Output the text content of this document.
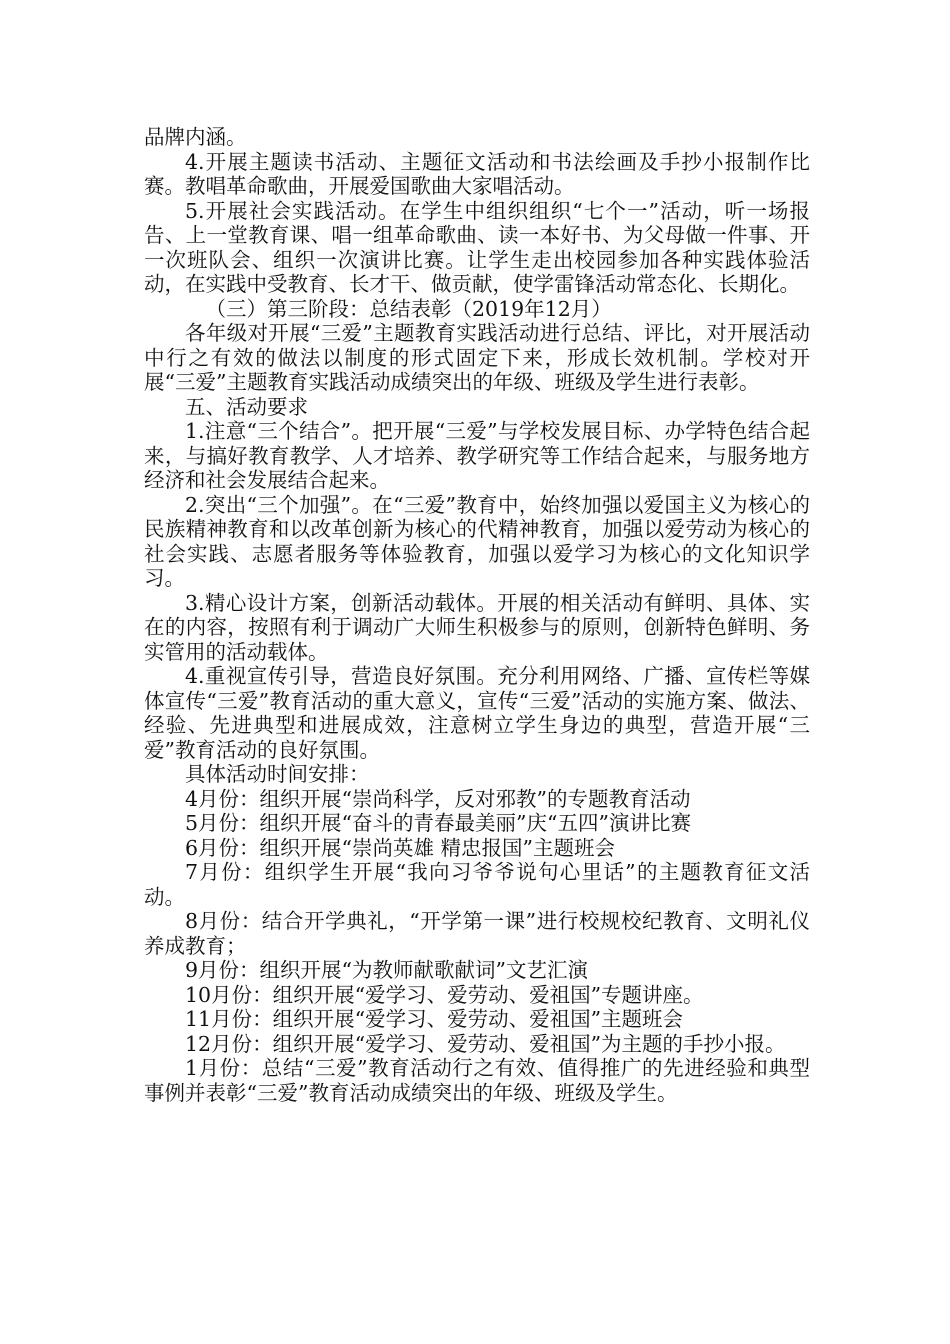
品牌内涵。

4.开展主题读书活动、主题征文活动和书法绘画及手抄小报制作比赛。教唱革命歌曲，开展爱国歌曲大家唱活动。

5.开展社会实践活动。在学生中组织组织“七个一”活动，听一场报告、上一堂教育课、唱一组革命歌曲、读一本好书、为父母做一件事、开一次班队会、组织一次演讲比赛。让学生走出校园参加各种实践体验活动，在实践中受教育、长才干、做贡献，使学雷锋活动常态化、长期化。

（三）第三阶段：总结表彰（2019年12月）

各年级对开展“三爱”主题教育实践活动进行总结、评比，对开展活动中行之有效的做法以制度的形式固定下来，形成长效机制。学校对开展“三爱”主题教育实践活动成绩突出的年级、班级及学生进行表彰。

五、活动要求

1.注意“三个结合”。把开展“三爱”与学校发展目标、办学特色结合起来，与搞好教育教学、人才培养、教学研究等工作结合起来，与服务地方经济和社会发展结合起来。

2.突出“三个加强”。在“三爱”教育中，始终加强以爱国主义为核心的民族精神教育和以改革创新为核心的代精神教育，加强以爱劳动为核心的社会实践、志愿者服务等体验教育，加强以爱学习为核心的文化知识学习。

3.精心设计方案，创新活动载体。开展的相关活动有鲜明、具体、实在的内容，按照有利于调动广大师生积极参与的原则，创新特色鲜明、务实管用的活动载体。

4.重视宣传引导，营造良好氛围。充分利用网络、广播、宣传栏等媒体宣传“三爱”教育活动的重大意义，宣传“三爱”活动的实施方案、做法、经验、先进典型和进展成效，注意树立学生身边的典型，营造开展“三爱”教育活动的良好氛围。

具体活动时间安排：

4月份：组织开展“崇尚科学，反对邪教”的专题教育活动

5月份：组织开展“奋斗的青春最美丽”庆“五四”演讲比赛

6月份：组织开展“崇尚英雄 精忠报国”主题班会

7月份：组织学生开展“我向习爷爷说句心里话”的主题教育征文活动。

8月份：结合开学典礼，“开学第一课”进行校规校纪教育、文明礼仪养成教育；

9月份：组织开展“为教师献歌献词”文艺汇演

10月份：组织开展“爱学习、爱劳动、爱祖国”专题讲座。

11月份：组织开展“爱学习、爱劳动、爱祖国”主题班会

12月份：组织开展“爱学习、爱劳动、爱祖国”为主题的手抄小报。

1月份：总结“三爱”教育活动行之有效、值得推广的先进经验和典型事例并表彰“三爱”教育活动成绩突出的年级、班级及学生。
